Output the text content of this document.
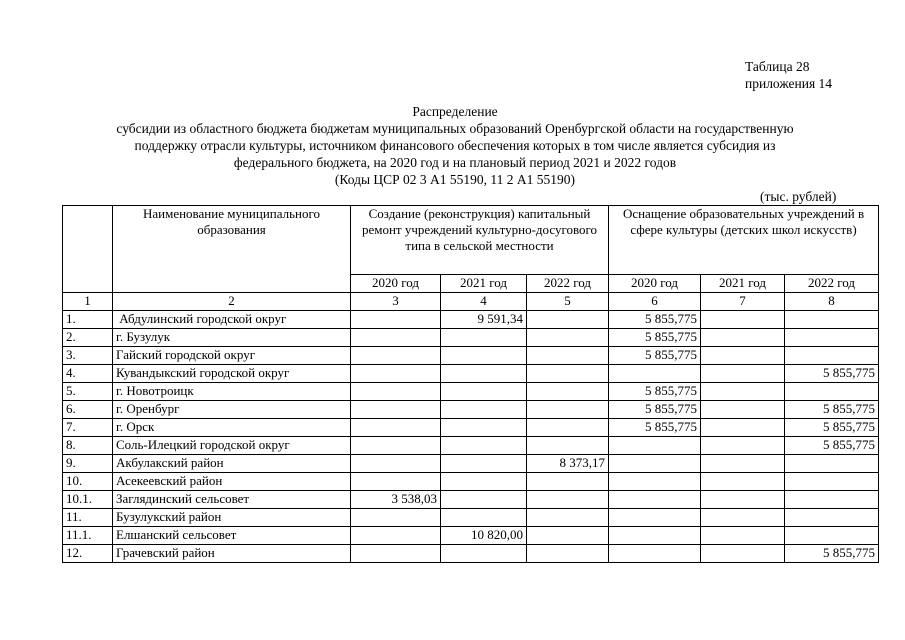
Таблица 28
приложения 14
Распределение
субсидии из областного бюджета бюджетам муниципальных образований Оренбургской области на государственную
поддержку отрасли культуры, источником финансового обеспечения которых в том числе является субсидия из
федерального бюджета, на 2020 год и на плановый период 2021 и 2022 годов
(Коды ЦСР 02 3 А1 55190, 11 2 А1 55190)
(тыс. рублей)
	Наименование муниципального образования	Создание (реконструкция) капитальный ремонт учреждений культурно-досугового типа в сельской местности			Оснащение образовательных учреждений в сфере культуры (детских школ искусств)		
		2020 год	2021 год	2022 год	2020 год	2021 год	2022 год
1	2	3	4	5	6	7	8
1.	Абдулинский городской округ		9 591,34		5 855,775		
2.	г. Бузулук				5 855,775		
3.	Гайский городской округ				5 855,775		
4.	Кувандыкский городской округ						5 855,775
5.	г. Новотроицк				5 855,775		
6.	г. Оренбург				5 855,775		5 855,775
7.	г. Орск				5 855,775		5 855,775
8.	Соль-Илецкий городской округ						5 855,775
9.	Акбулакский район			8 373,17			
10.	Асекеевский район						
10.1.	Заглядинский сельсовет	3 538,03					
11.	Бузулукский район						
11.1.	Елшанский сельсовет		10 820,00				
12.	Грачевский район						5 855,775
